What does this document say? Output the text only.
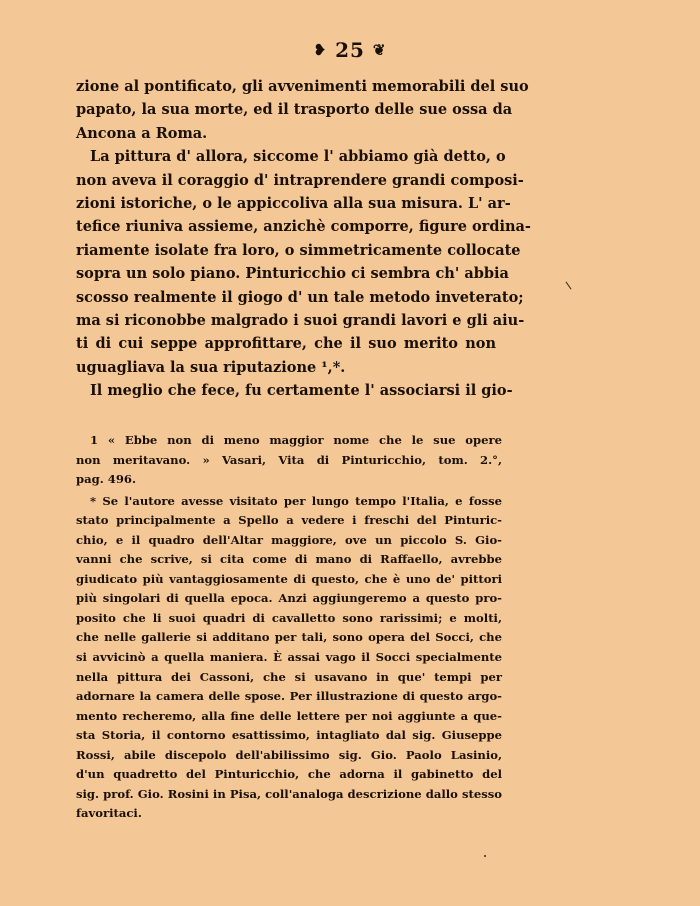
❥ 25 ❦
zione al pontificato, gli avvenimenti memorabili del suo
papato, la sua morte, ed il trasporto delle sue ossa da
Ancona a Roma.
La pittura d' allora, siccome l' abbiamo già detto, o
non aveva il coraggio d' intraprendere grandi composi-
zioni istoriche, o le appiccoliva alla sua misura. L' ar-
tefice riuniva assieme, anzichè comporre, figure ordina-
riamente isolate fra loro, o simmetricamente collocate
sopra un solo piano. Pinturicchio ci sembra ch' abbia
scosso realmente il giogo d' un tale metodo inveterato;
ma si riconobbe malgrado i suoi grandi lavori e gli aiu-
ti di cui seppe approfittare, che il suo merito non
uguagliava la sua riputazione ¹,*.
Il meglio che fece, fu certamente l' associarsi il gio-
1 « Ebbe non di meno maggior nome che le sue opere
non meritavano. » Vasari, Vita di Pinturicchio, tom. 2.°,
pag. 496.
* Se l'autore avesse visitato per lungo tempo l'Italia, e fosse
stato principalmente a Spello a vedere i freschi del Pinturic-
chio, e il quadro dell'Altar maggiore, ove un piccolo S. Gio-
vanni che scrive, si cita come di mano di Raffaello, avrebbe
giudicato più vantaggiosamente di questo, che è uno de' pittori
più singolari di quella epoca. Anzi aggiungeremo a questo pro-
posito che li suoi quadri di cavalletto sono rarissimi; e molti,
che nelle gallerie si additano per tali, sono opera del Socci, che
si avvicinò a quella maniera. È assai vago il Socci specialmente
nella pittura dei Cassoni, che si usavano in que' tempi per
adornare la camera delle spose. Per illustrazione di questo argo-
mento recheremo, alla fine delle lettere per noi aggiunte a que-
sta Storia, il contorno esattissimo, intagliato dal sig. Giuseppe
Rossi, abile discepolo dell'abilissimo sig. Gio. Paolo Lasinio,
d'un quadretto del Pinturicchio, che adorna il gabinetto del
sig. prof. Gio. Rosini in Pisa, coll'analoga descrizione dallo stesso
favoritaci.
